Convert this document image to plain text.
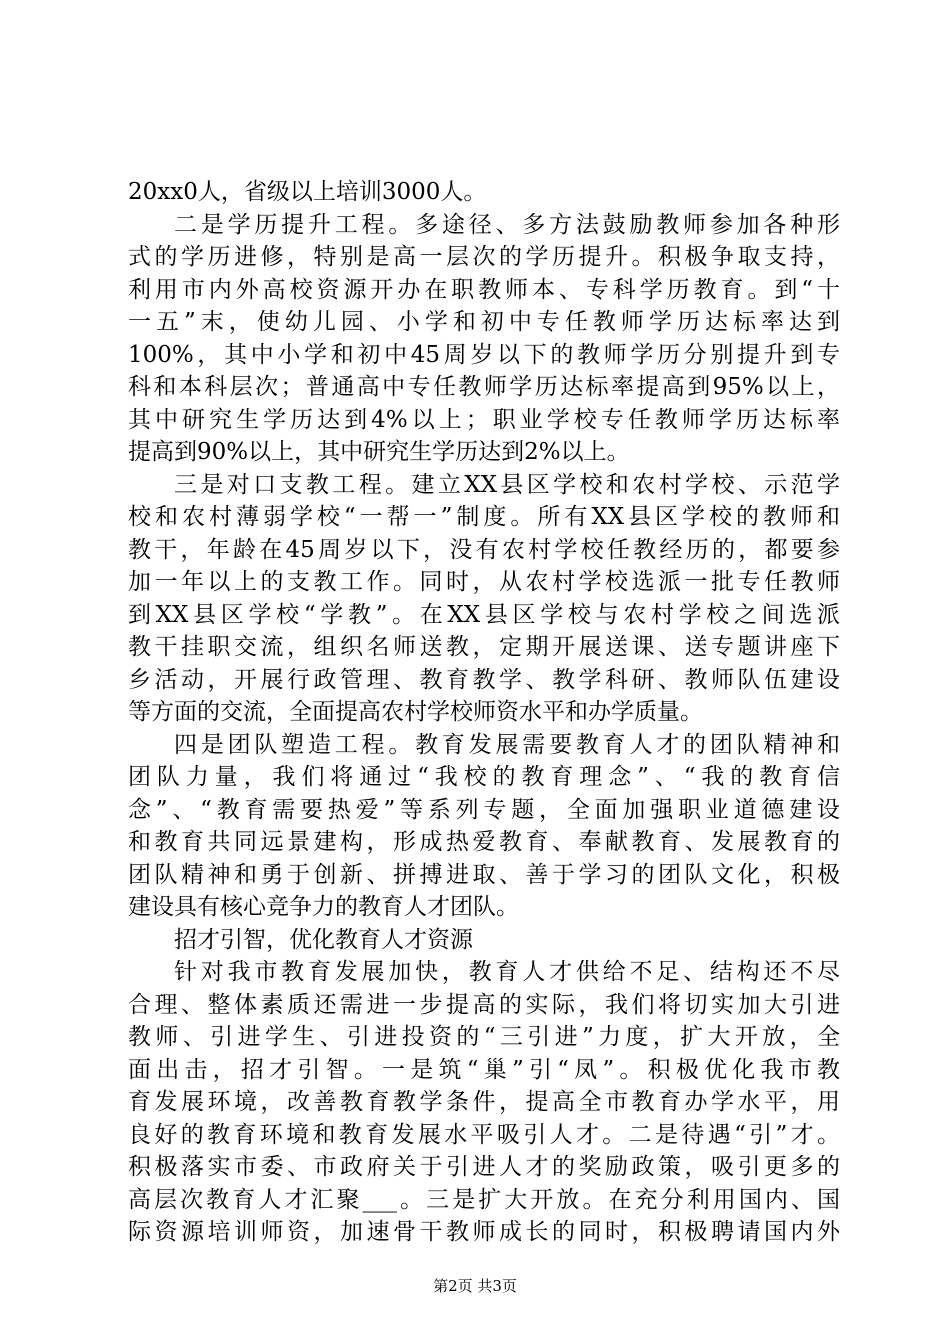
20xx0人，省级以上培训3000人。
二是学历提升工程。多途径、多方法鼓励教师参加各种形
式的学历进修，特别是高一层次的学历提升。积极争取支持，
利用市内外高校资源开办在职教师本、专科学历教育。到“十
一五”末，使幼儿园、小学和初中专任教师学历达标率达到
100%，其中小学和初中45周岁以下的教师学历分别提升到专
科和本科层次；普通高中专任教师学历达标率提高到95%以上，
其中研究生学历达到4%以上；职业学校专任教师学历达标率
提高到90%以上，其中研究生学历达到2%以上。
三是对口支教工程。建立XX县区学校和农村学校、示范学
校和农村薄弱学校“一帮一”制度。所有XX县区学校的教师和
教干，年龄在45周岁以下，没有农村学校任教经历的，都要参
加一年以上的支教工作。同时，从农村学校选派一批专任教师
到XX县区学校“学教”。在XX县区学校与农村学校之间选派
教干挂职交流，组织名师送教，定期开展送课、送专题讲座下
乡活动，开展行政管理、教育教学、教学科研、教师队伍建设
等方面的交流，全面提高农村学校师资水平和办学质量。
四是团队塑造工程。教育发展需要教育人才的团队精神和
团队力量，我们将通过“我校的教育理念”、“我的教育信
念”、“教育需要热爱”等系列专题，全面加强职业道德建设
和教育共同远景建构，形成热爱教育、奉献教育、发展教育的
团队精神和勇于创新、拼搏进取、善于学习的团队文化，积极
建设具有核心竞争力的教育人才团队。
招才引智，优化教育人才资源
针对我市教育发展加快，教育人才供给不足、结构还不尽
合理、整体素质还需进一步提高的实际，我们将切实加大引进
教师、引进学生、引进投资的“三引进”力度，扩大开放，全
面出击，招才引智。一是筑“巢”引“凤”。积极优化我市教
育发展环境，改善教育教学条件，提高全市教育办学水平，用
良好的教育环境和教育发展水平吸引人才。二是待遇“引”才。
积极落实市委、市政府关于引进人才的奖励政策，吸引更多的
高层次教育人才汇聚___。三是扩大开放。在充分利用国内、国
际资源培训师资，加速骨干教师成长的同时，积极聘请国内外
第2页 共3页
